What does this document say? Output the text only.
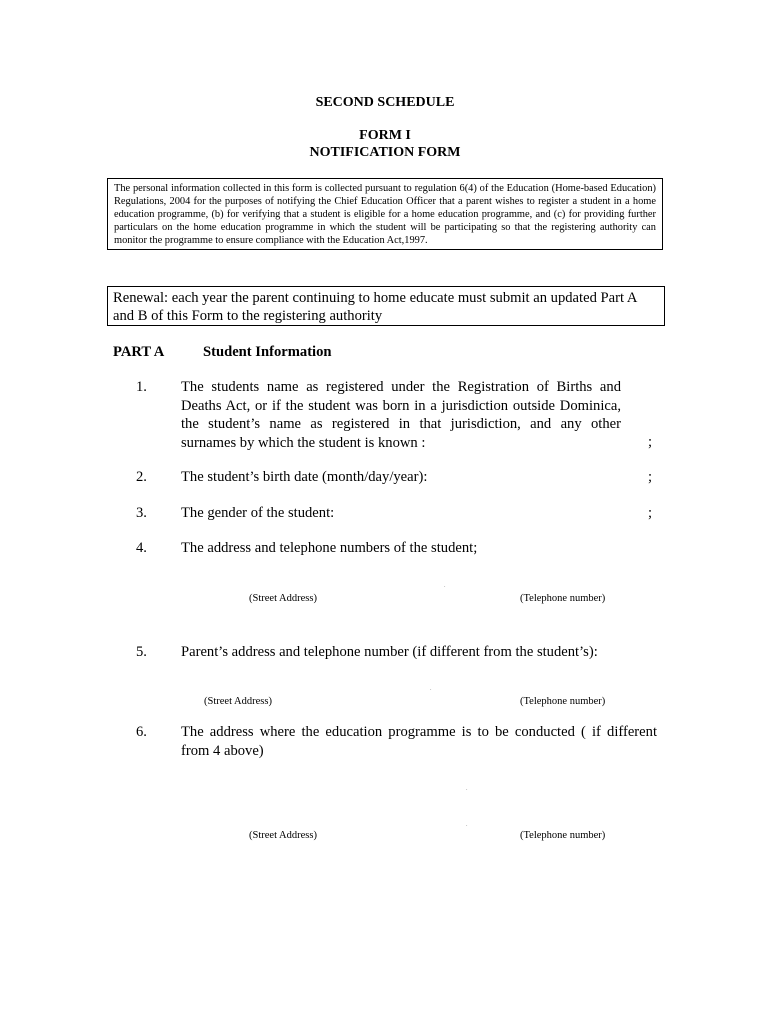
SECOND SCHEDULE
FORM I
NOTIFICATION FORM
The personal information collected in this form is collected pursuant to regulation 6(4) of the Education (Home-based Education) Regulations, 2004 for the purposes of notifying the Chief Education Officer that a parent wishes to register a student in a home education programme, (b) for verifying that a student is eligible for a home education programme, and (c) for providing further particulars on the home education programme in which the student will be participating so that the registering authority can monitor the programme to ensure compliance with the Education Act,1997.
Renewal: each year the parent continuing to home educate must submit an updated Part A and B of this Form to the registering authority
PART A	Student Information
1. The students name as registered under the Registration of Births and Deaths Act, or if the student was born in a jurisdiction outside Dominica, the student’s name as registered in that jurisdiction, and any other surnames by which the student is known :	;
2. The student’s birth date (month/day/year):	;
3. The gender of the student:	;
4. The address and telephone numbers of the student;
.
(Street Address)	(Telephone number)
5. Parent’s address and telephone number (if different from the student’s):
.
(Street Address)	(Telephone number)
6. The address where the education programme is to be conducted ( if different from 4 above)
.
.
(Street Address)	(Telephone number)
